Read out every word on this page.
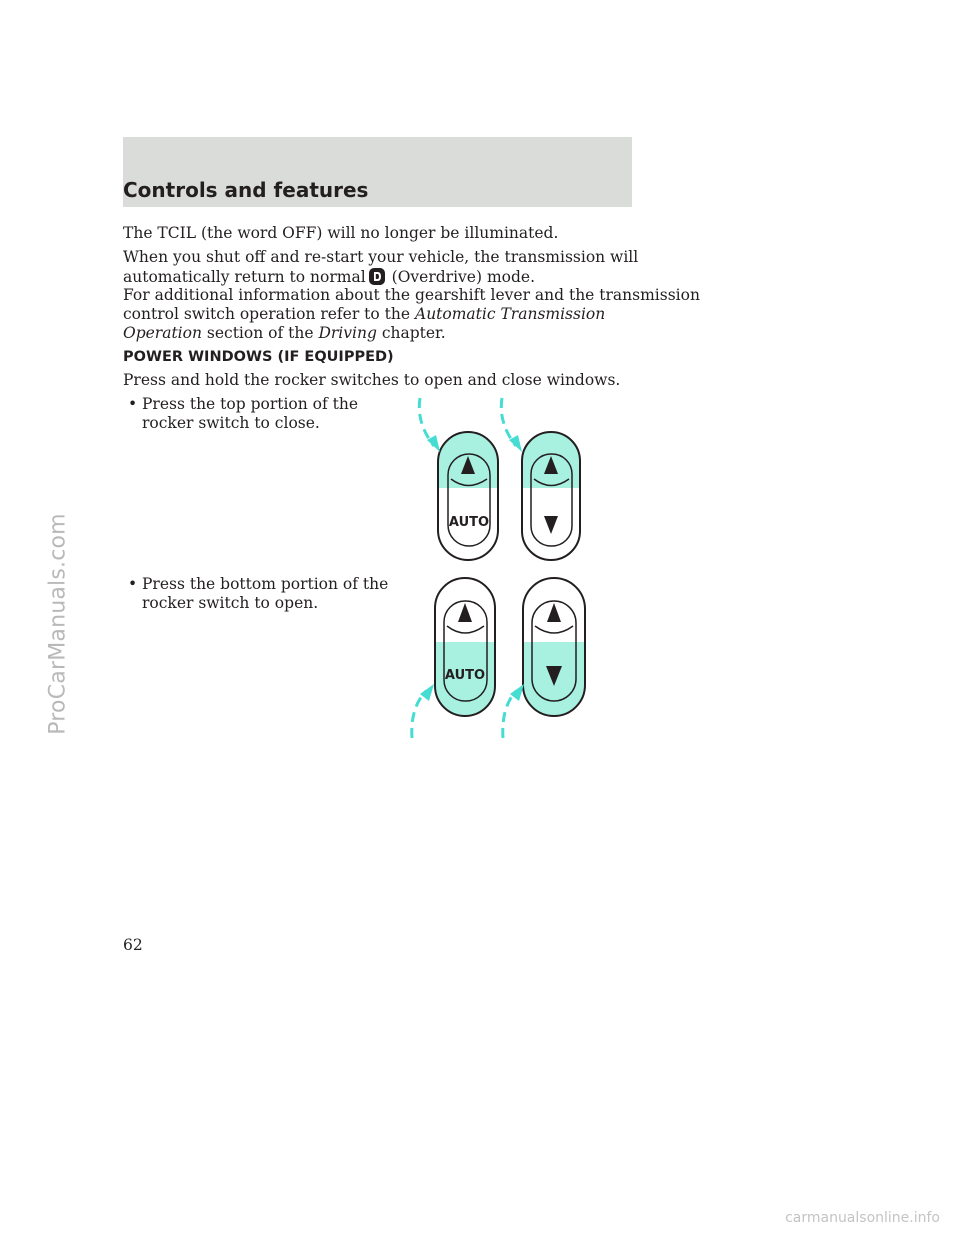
Controls and features
The TCIL (the word OFF) will no longer be illuminated.
When you shut off and re-start your vehicle, the transmission will
automatically return to normal (Overdrive) mode.
For additional information about the gearshift lever and the transmission
control switch operation refer to the Automatic Transmission
Operation section of the Driving chapter.
POWER WINDOWS (IF EQUIPPED)
Press and hold the rocker switches to open and close windows.
• Press the top portion of the
rocker switch to close.
• Press the bottom portion of the
rocker switch to open.
AUTO
AUTO
ProCarManuals.com
62
carmanualsonline.info
